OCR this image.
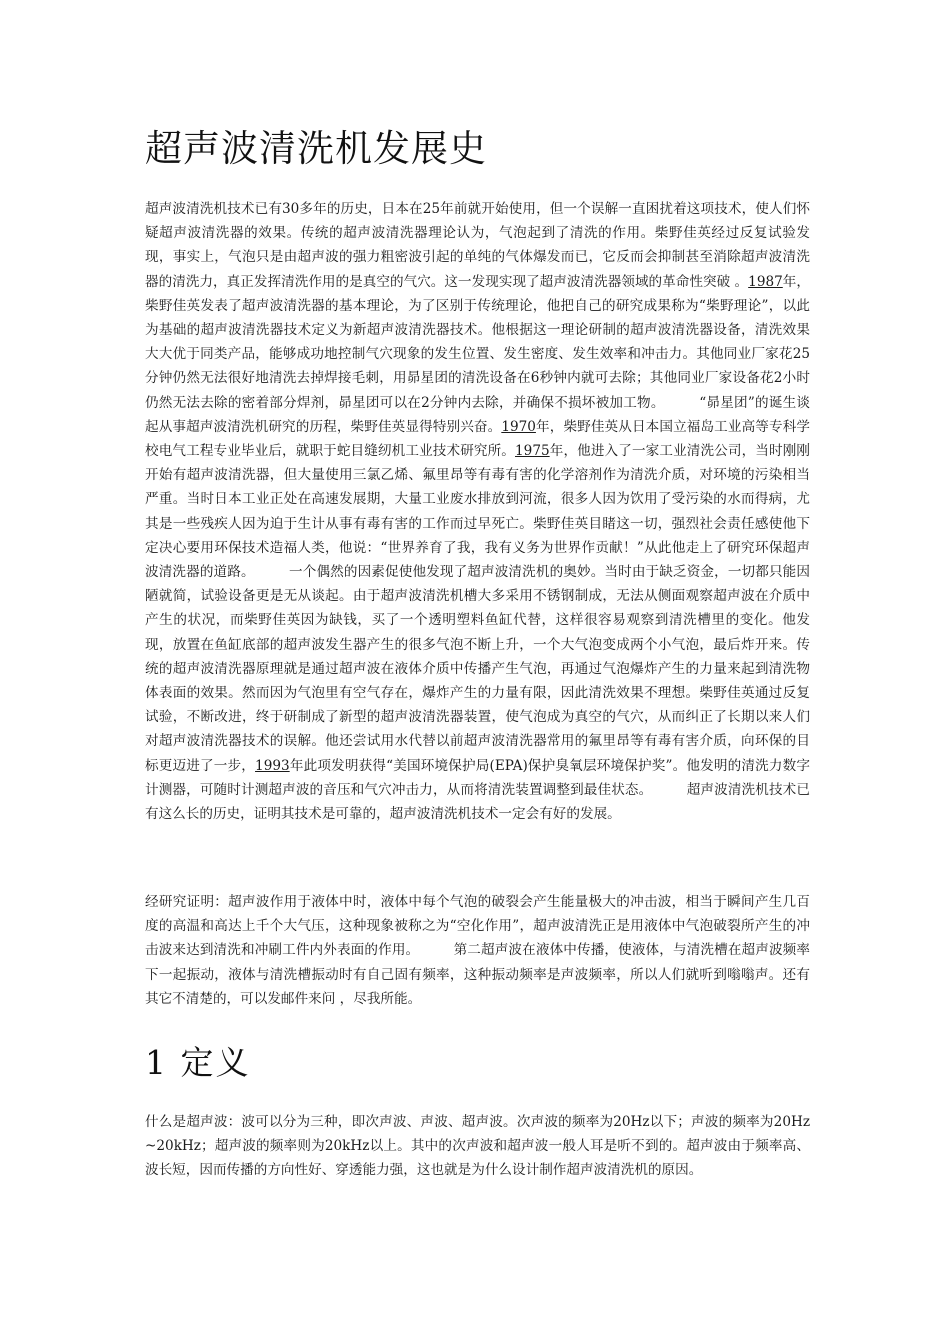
超声波清洗机发展史

超声波清洗机技术已有30多年的历史，日本在25年前就开始使用，但一个误解一直困扰着这项技术，使人们怀疑超声波清洗器的效果。传统的超声波清洗器理论认为，气泡起到了清洗的作用。柴野佳英经过反复试验发现，事实上，气泡只是由超声波的强力粗密波引起的单纯的气体爆发而已，它反而会抑制甚至消除超声波清洗器的清洗力，真正发挥清洗作用的是真空的气穴。这一发现实现了超声波清洗器领域的革命性突破 。1987年，柴野佳英发表了超声波清洗器的基本理论，为了区别于传统理论，他把自己的研究成果称为“柴野理论”，以此为基础的超声波清洗器技术定义为新超声波清洗器技术。他根据这一理论研制的超声波清洗器设备，清洗效果大大优于同类产品，能够成功地控制气穴现象的发生位置、发生密度、发生效率和冲击力。其他同业厂家花25分钟仍然无法很好地清洗去掉焊接毛刺，用昴星团的清洗设备在6秒钟内就可去除；其他同业厂家设备花2小时仍然无法去除的密着部分焊剂，昴星团可以在2分钟内去除，并确保不损坏被加工物。　　　“昴星团”的诞生谈起从事超声波清洗机研究的历程，柴野佳英显得特别兴奋。1970年，柴野佳英从日本国立福岛工业高等专科学校电气工程专业毕业后，就职于蛇目缝纫机工业技术研究所。1975年，他进入了一家工业清洗公司，当时刚刚开始有超声波清洗器，但大量使用三氯乙烯、氟里昂等有毒有害的化学溶剂作为清洗介质，对环境的污染相当严重。当时日本工业正处在高速发展期，大量工业废水排放到河流，很多人因为饮用了受污染的水而得病，尤其是一些残疾人因为迫于生计从事有毒有害的工作而过早死亡。柴野佳英目睹这一切，强烈社会责任感使他下定决心要用环保技术造福人类，他说：“世界养育了我，我有义务为世界作贡献！”从此他走上了研究环保超声波清洗器的道路。　　　一个偶然的因素促使他发现了超声波清洗机的奥妙。当时由于缺乏资金，一切都只能因陋就简，试验设备更是无从谈起。由于超声波清洗机槽大多采用不锈钢制成，无法从侧面观察超声波在介质中产生的状况，而柴野佳英因为缺钱，买了一个透明塑料鱼缸代替，这样很容易观察到清洗槽里的变化。他发现，放置在鱼缸底部的超声波发生器产生的很多气泡不断上升，一个大气泡变成两个小气泡，最后炸开来。传统的超声波清洗器原理就是通过超声波在液体介质中传播产生气泡，再通过气泡爆炸产生的力量来起到清洗物体表面的效果。然而因为气泡里有空气存在，爆炸产生的力量有限，因此清洗效果不理想。柴野佳英通过反复试验，不断改进，终于研制成了新型的超声波清洗器装置，使气泡成为真空的气穴，从而纠正了长期以来人们对超声波清洗器技术的误解。他还尝试用水代替以前超声波清洗器常用的氟里昂等有毒有害介质，向环保的目标更迈进了一步，1993年此项发明获得“美国环境保护局(EPA)保护臭氧层环境保护奖”。他发明的清洗力数字计测器，可随时计测超声波的音压和气穴冲击力，从而将清洗装置调整到最佳状态。　　　超声波清洗机技术已有这么长的历史，证明其技术是可靠的，超声波清洗机技术一定会有好的发展。

经研究证明：超声波作用于液体中时，液体中每个气泡的破裂会产生能量极大的冲击波，相当于瞬间产生几百度的高温和高达上千个大气压，这种现象被称之为“空化作用”，超声波清洗正是用液体中气泡破裂所产生的冲击波来达到清洗和冲刷工件内外表面的作用。　　　第二超声波在液体中传播，使液体，与清洗槽在超声波频率下一起振动，液体与清洗槽振动时有自己固有频率，这种振动频率是声波频率，所以人们就听到嗡嗡声。还有其它不清楚的，可以发邮件来问 ，尽我所能。

1 定义

什么是超声波：波可以分为三种，即次声波、声波、超声波。次声波的频率为20Hz以下；声波的频率为20Hz~20kHz；超声波的频率则为20kHz以上。其中的次声波和超声波一般人耳是听不到的。超声波由于频率高、波长短，因而传播的方向性好、穿透能力强，这也就是为什么设计制作超声波清洗机的原因。
